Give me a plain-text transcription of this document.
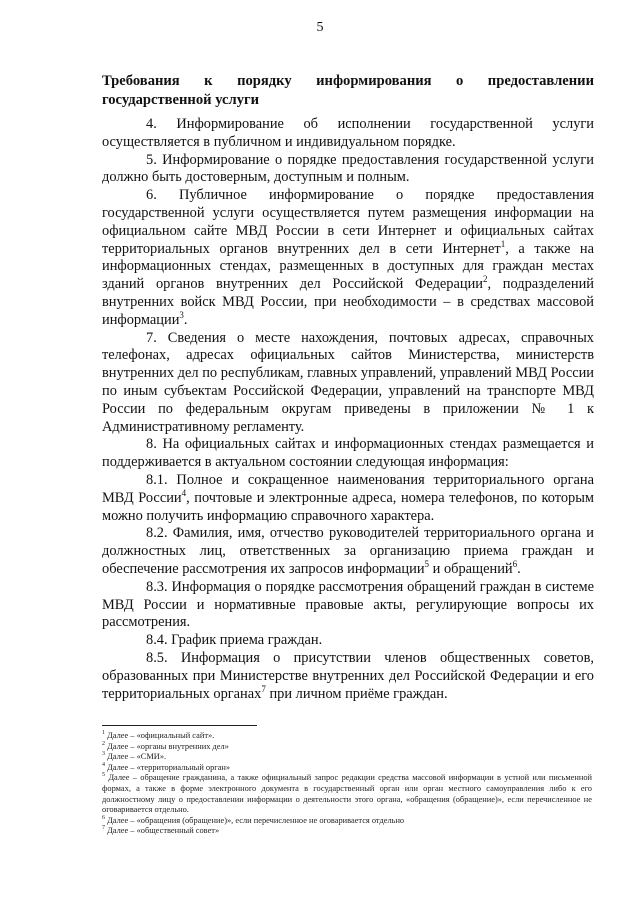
5
Требования к порядку информирования о предоставлении государственной услуги

4. Информирование об исполнении государственной услуги осуществляется в публичном и индивидуальном порядке.

5. Информирование о порядке предоставления государственной услуги должно быть достоверным, доступным и полным.

6. Публичное информирование о порядке предоставления государственной услуги осуществляется путем размещения информации на официальном сайте МВД России в сети Интернет и официальных сайтах территориальных органов внутренних дел в сети Интернет$^1$, а также на информационных стендах, размещенных в доступных для граждан местах зданий органов внутренних дел Российской Федерации$^2$, подразделений внутренних войск МВД России, при необходимости – в средствах массовой информации$^3$.

7. Сведения о месте нахождения, почтовых адресах, справочных телефонах, адресах официальных сайтов Министерства, министерств внутренних дел по республикам, главных управлений, управлений МВД России по иным субъектам Российской Федерации, управлений на транспорте МВД России по федеральным округам приведены в приложении № 1 к Административному регламенту.

8. На официальных сайтах и информационных стендах размещается и поддерживается в актуальном состоянии следующая информация:

8.1. Полное и сокращенное наименования территориального органа МВД России$^4$, почтовые и электронные адреса, номера телефонов, по которым можно получить информацию справочного характера.

8.2. Фамилия, имя, отчество руководителей территориального органа и должностных лиц, ответственных за организацию приема граждан и обеспечение рассмотрения их запросов информации$^5$ и обращений$^6$.

8.3. Информация о порядке рассмотрения обращений граждан в системе МВД России и нормативные правовые акты, регулирующие вопросы их рассмотрения.

8.4. График приема граждан.

8.5. Информация о присутствии членов общественных советов, образованных при Министерстве внутренних дел Российской Федерации и его территориальных органах$^7$ при личном приёме граждан.

$^1$ Далее – «официальный сайт».

$^2$ Далее – «органы внутренних дел»

$^3$ Далее – «СМИ».

$^4$ Далее – «территориальный орган»

$^5$ Далее – обращение гражданина, а также официальный запрос редакции средства массовой информации в устной или письменной формах, а также в форме электронного документа в государственный орган или орган местного самоуправления либо к его должностному лицу о предоставлении информации о деятельности этого органа, «обращения (обращение)», если перечисленное не оговаривается отдельно.

$^6$ Далее – «обращения (обращение)», если перечисленное не оговаривается отдельно

$^7$ Далее – «общественный совет»
